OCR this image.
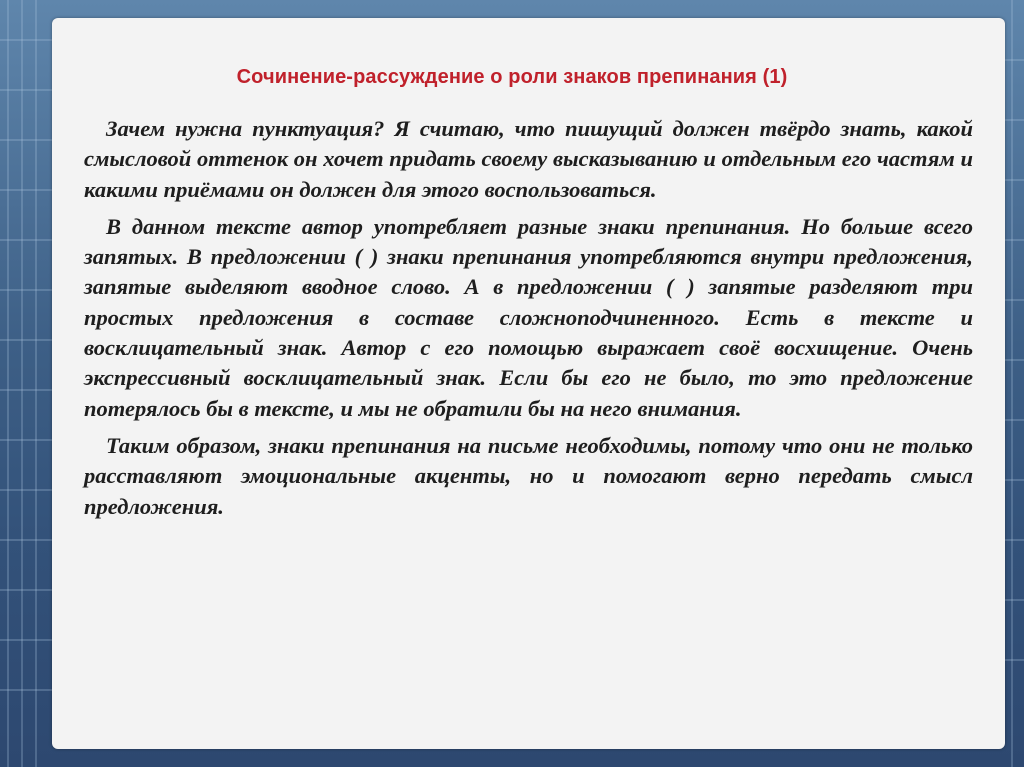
Сочинение-рассуждение о роли знаков препинания (1)

Зачем нужна пунктуация? Я считаю, что пишущий должен твёрдо знать, какой смысловой оттенок он хочет придать своему высказыванию и отдельным его частям и какими приёмами он должен для этого воспользоваться.

В данном тексте автор употребляет разные знаки препинания. Но больше всего запятых. В предложении ( ) знаки препинания употребляются внутри предложения, запятые выделяют вводное слово. А в предложении ( ) запятые разделяют три простых предложения в составе сложноподчиненного. Есть в тексте и восклицательный знак. Автор с его помощью выражает своё восхищение. Очень экспрессивный восклицательный знак. Если бы его не было, то это предложение потерялось бы в тексте, и мы не обратили бы на него внимания.

Таким образом, знаки препинания на письме необходимы, потому что они не только расставляют эмоциональные акценты, но и помогают верно передать смысл предложения.
